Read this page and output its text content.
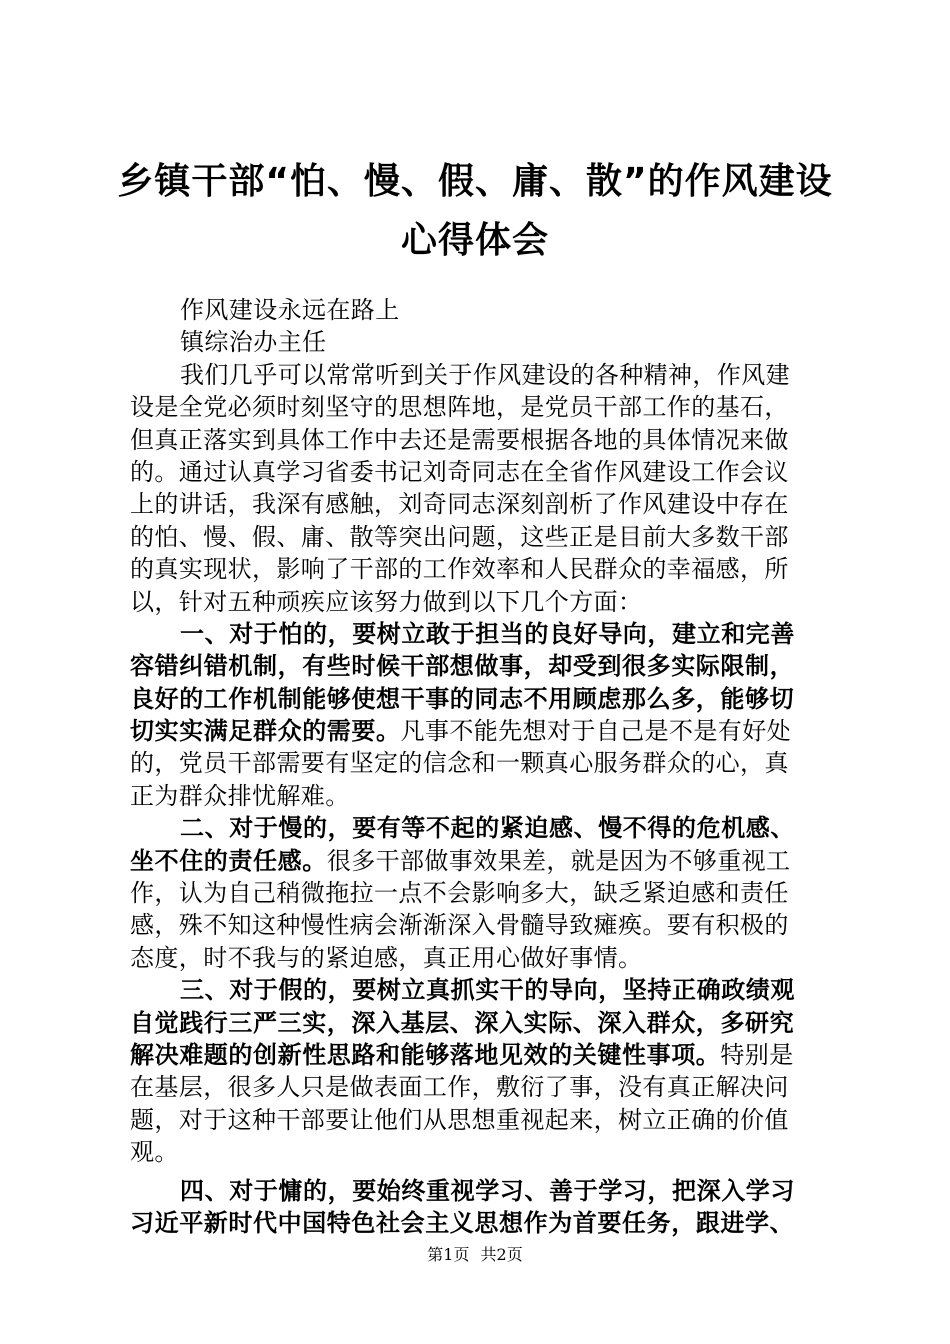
乡镇干部“怕、慢、假、庸、散”的作风建设
心得体会
作风建设永远在路上
镇综治办主任
我们几乎可以常常听到关于作风建设的各种精神，作风建
设是全党必须时刻坚守的思想阵地，是党员干部工作的基石，
但真正落实到具体工作中去还是需要根据各地的具体情况来做
的。通过认真学习省委书记刘奇同志在全省作风建设工作会议
上的讲话，我深有感触，刘奇同志深刻剖析了作风建设中存在
的怕、慢、假、庸、散等突出问题，这些正是目前大多数干部
的真实现状，影响了干部的工作效率和人民群众的幸福感，所
以，针对五种顽疾应该努力做到以下几个方面：
一、对于怕的，要树立敢于担当的良好导向，建立和完善
容错纠错机制，有些时候干部想做事，却受到很多实际限制，
良好的工作机制能够使想干事的同志不用顾虑那么多，能够切
切实实满足群众的需要。凡事不能先想对于自己是不是有好处
的，党员干部需要有坚定的信念和一颗真心服务群众的心，真
正为群众排忧解难。
二、对于慢的，要有等不起的紧迫感、慢不得的危机感、
坐不住的责任感。很多干部做事效果差，就是因为不够重视工
作，认为自己稍微拖拉一点不会影响多大，缺乏紧迫感和责任
感，殊不知这种慢性病会渐渐深入骨髓导致瘫痪。要有积极的
态度，时不我与的紧迫感，真正用心做好事情。
三、对于假的，要树立真抓实干的导向，坚持正确政绩观
自觉践行三严三实，深入基层、深入实际、深入群众，多研究
解决难题的创新性思路和能够落地见效的关键性事项。特别是
在基层，很多人只是做表面工作，敷衍了事，没有真正解决问
题，对于这种干部要让他们从思想重视起来，树立正确的价值
观。
四、对于慵的，要始终重视学习、善于学习，把深入学习
习近平新时代中国特色社会主义思想作为首要任务，跟进学、
第1页 共2页
